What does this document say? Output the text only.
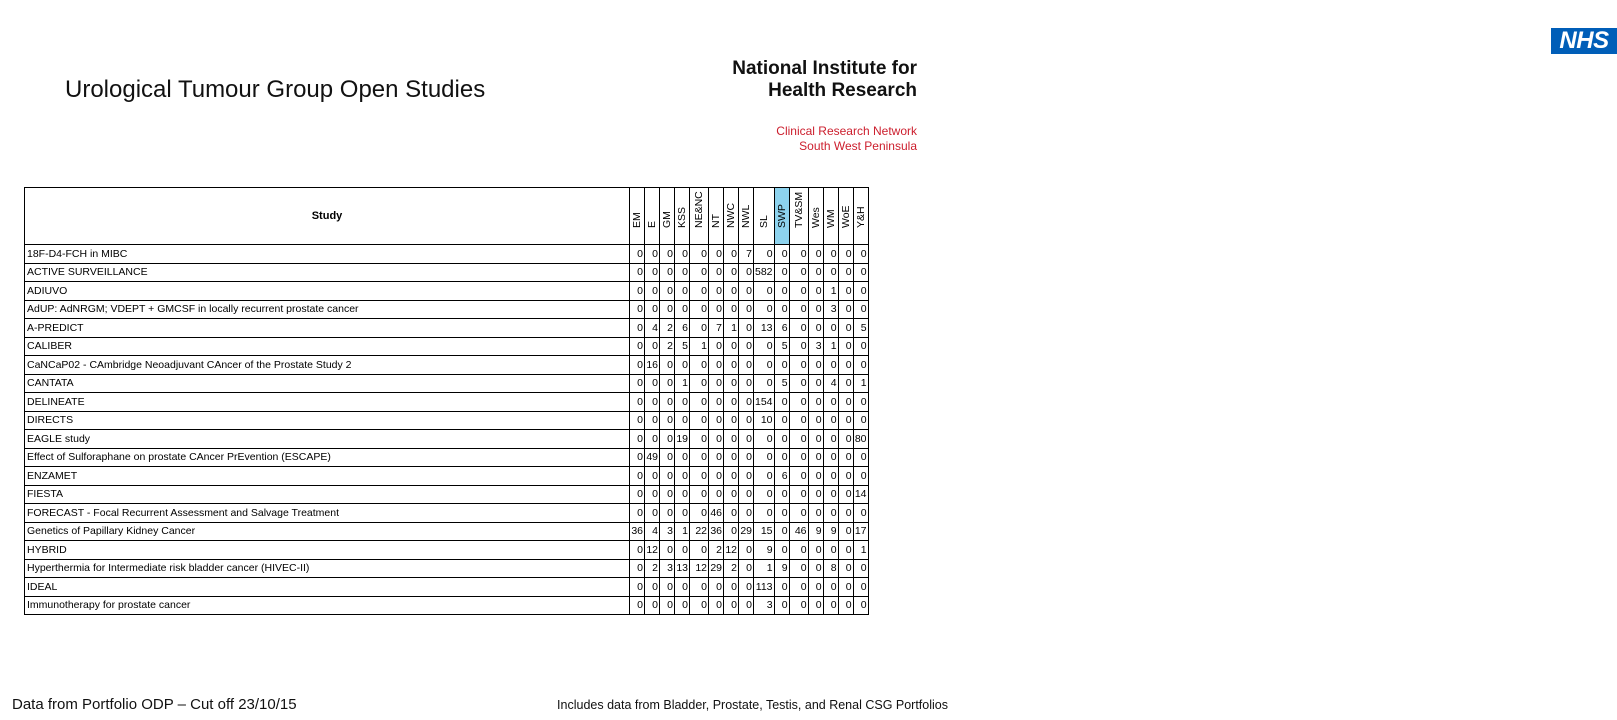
Urological Tumour Group Open Studies
NHS
National Institute for
Health Research
Clinical Research Network
South West Peninsula
Study	EM	E	GM	KSS	NE&NC	NT	NWC	NWL	SL	SWP	TV&SM	Wes	WM	WoE	Y&H

18F-D4-FCH in MIBC	0	0	0	0	0	0	0	7	0	0	0	0	0	0	0
ACTIVE SURVEILLANCE	0	0	0	0	0	0	0	0	582	0	0	0	0	0	0
ADIUVO	0	0	0	0	0	0	0	0	0	0	0	0	1	0	0
AdUP: AdNRGM; VDEPT + GMCSF in locally recurrent prostate cancer	0	0	0	0	0	0	0	0	0	0	0	0	3	0	0
A-PREDICT	0	4	2	6	0	7	1	0	13	6	0	0	0	0	5
CALIBER	0	0	2	5	1	0	0	0	0	5	0	3	1	0	0
CaNCaP02 - CAmbridge Neoadjuvant CAncer of the Prostate Study 2	0	16	0	0	0	0	0	0	0	0	0	0	0	0	0
CANTATA	0	0	0	1	0	0	0	0	0	5	0	0	4	0	1
DELINEATE	0	0	0	0	0	0	0	0	154	0	0	0	0	0	0
DIRECTS	0	0	0	0	0	0	0	0	10	0	0	0	0	0	0
EAGLE study	0	0	0	19	0	0	0	0	0	0	0	0	0	0	80
Effect of Sulforaphane on prostate CAncer PrEvention (ESCAPE)	0	49	0	0	0	0	0	0	0	0	0	0	0	0	0
ENZAMET	0	0	0	0	0	0	0	0	0	6	0	0	0	0	0
FIESTA	0	0	0	0	0	0	0	0	0	0	0	0	0	0	14
FORECAST - Focal Recurrent Assessment and Salvage Treatment	0	0	0	0	0	46	0	0	0	0	0	0	0	0	0
Genetics of Papillary Kidney Cancer	36	4	3	1	22	36	0	29	15	0	46	9	9	0	17
HYBRID	0	12	0	0	0	2	12	0	9	0	0	0	0	0	1
Hyperthermia for Intermediate risk bladder cancer (HIVEC-II)	0	2	3	13	12	29	2	0	1	9	0	0	8	0	0
IDEAL	0	0	0	0	0	0	0	0	113	0	0	0	0	0	0
Immunotherapy for prostate cancer	0	0	0	0	0	0	0	0	3	0	0	0	0	0	0
Data from Portfolio ODP – Cut off 23/10/15	Includes data from Bladder, Prostate, Testis, and Renal CSG Portfolios
